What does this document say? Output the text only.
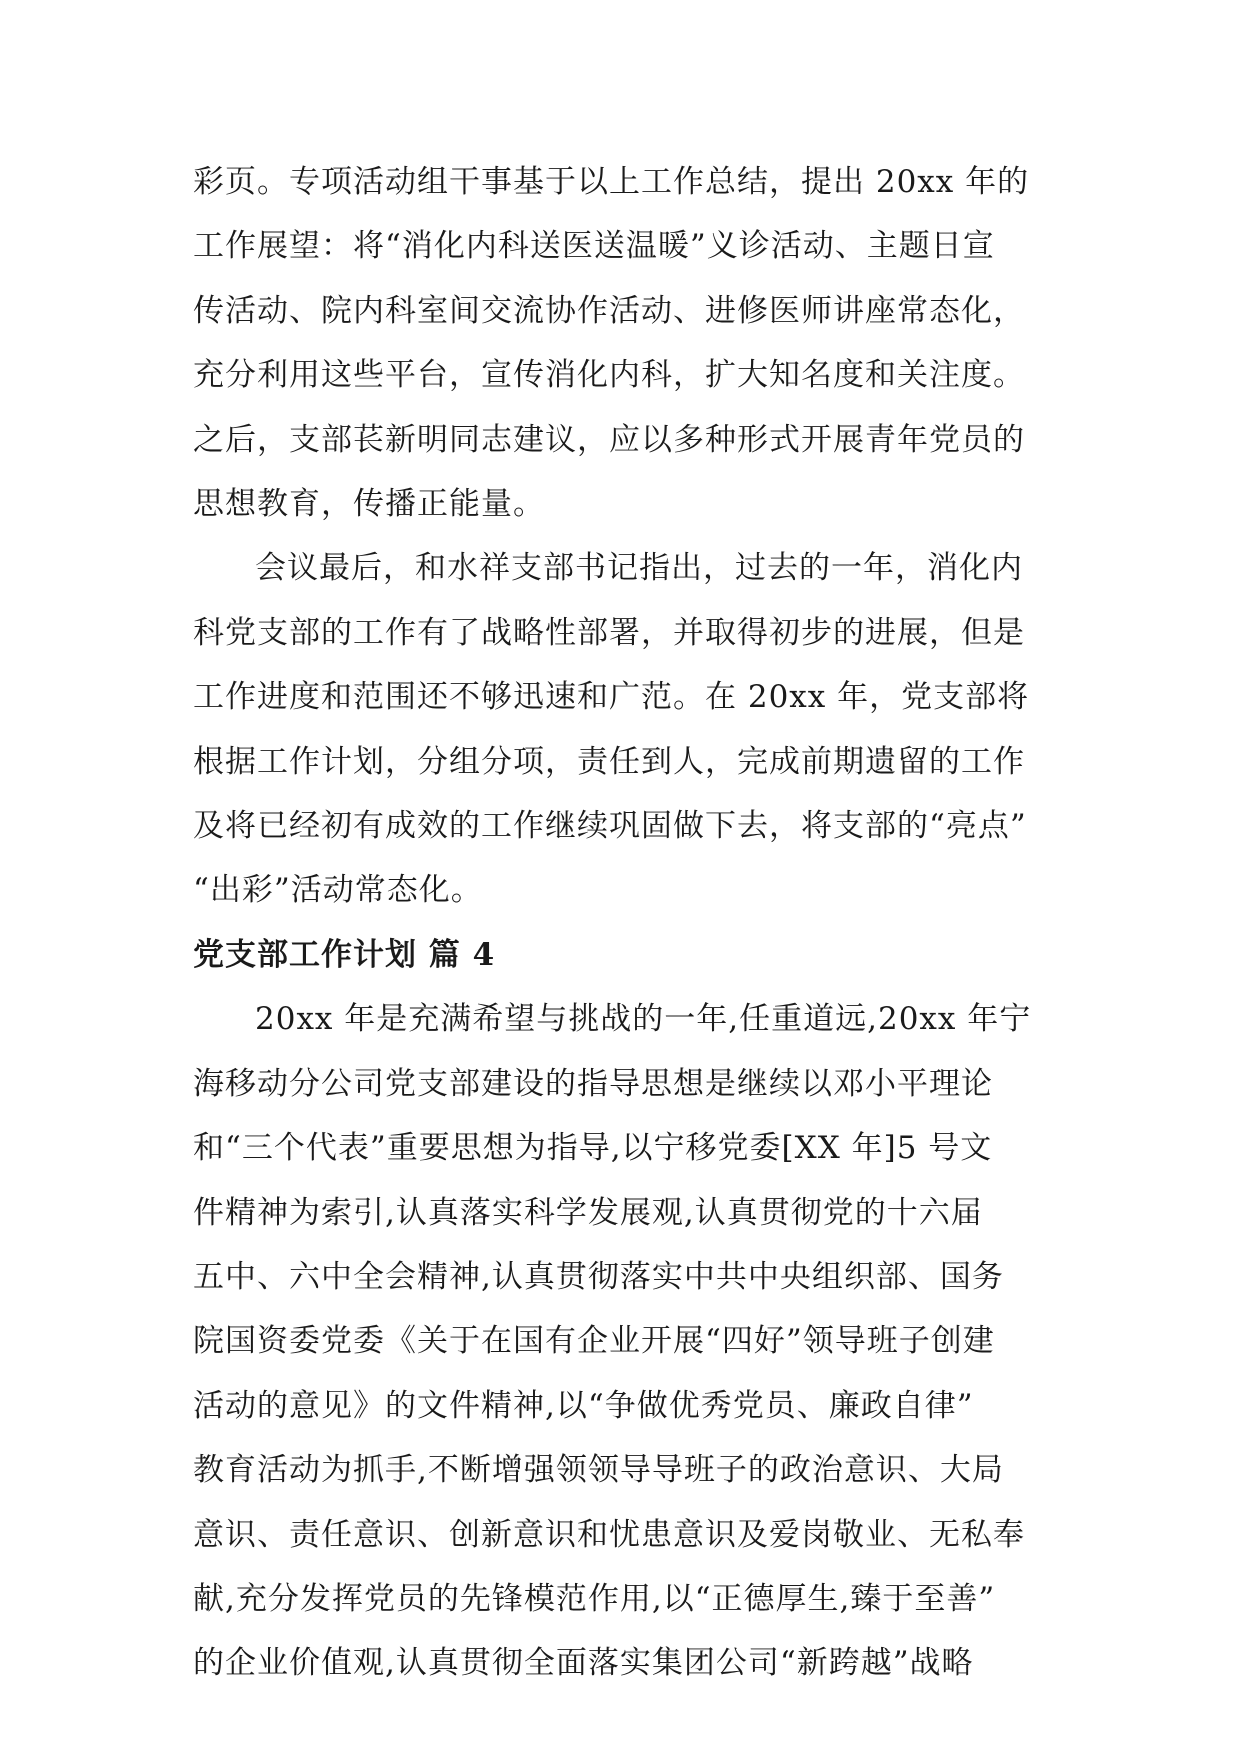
彩页。专项活动组干事基于以上工作总结，提出 20xx 年的
工作展望：将“消化内科送医送温暖”义诊活动、主题日宣
传活动、院内科室间交流协作活动、进修医师讲座常态化，
充分利用这些平台，宣传消化内科，扩大知名度和关注度。
之后，支部苌新明同志建议，应以多种形式开展青年党员的
思想教育，传播正能量。

会议最后，和水祥支部书记指出，过去的一年，消化内
科党支部的工作有了战略性部署，并取得初步的进展，但是
工作进度和范围还不够迅速和广范。在 20xx 年，党支部将
根据工作计划，分组分项，责任到人，完成前期遗留的工作
及将已经初有成效的工作继续巩固做下去，将支部的“亮点”
“出彩”活动常态化。

党支部工作计划 篇 4

20xx 年是充满希望与挑战的一年,任重道远,20xx 年宁
海移动分公司党支部建设的指导思想是继续以邓小平理论
和“三个代表”重要思想为指导,以宁移党委[XX 年]5 号文
件精神为索引,认真落实科学发展观,认真贯彻党的十六届
五中、六中全会精神,认真贯彻落实中共中央组织部、国务
院国资委党委《关于在国有企业开展“四好”领导班子创建
活动的意见》的文件精神,以“争做优秀党员、廉政自律”
教育活动为抓手,不断增强领领导导班子的政治意识、大局
意识、责任意识、创新意识和忧患意识及爱岗敬业、无私奉
献,充分发挥党员的先锋模范作用,以“正德厚生,臻于至善”
的企业价值观,认真贯彻全面落实集团公司“新跨越”战略
